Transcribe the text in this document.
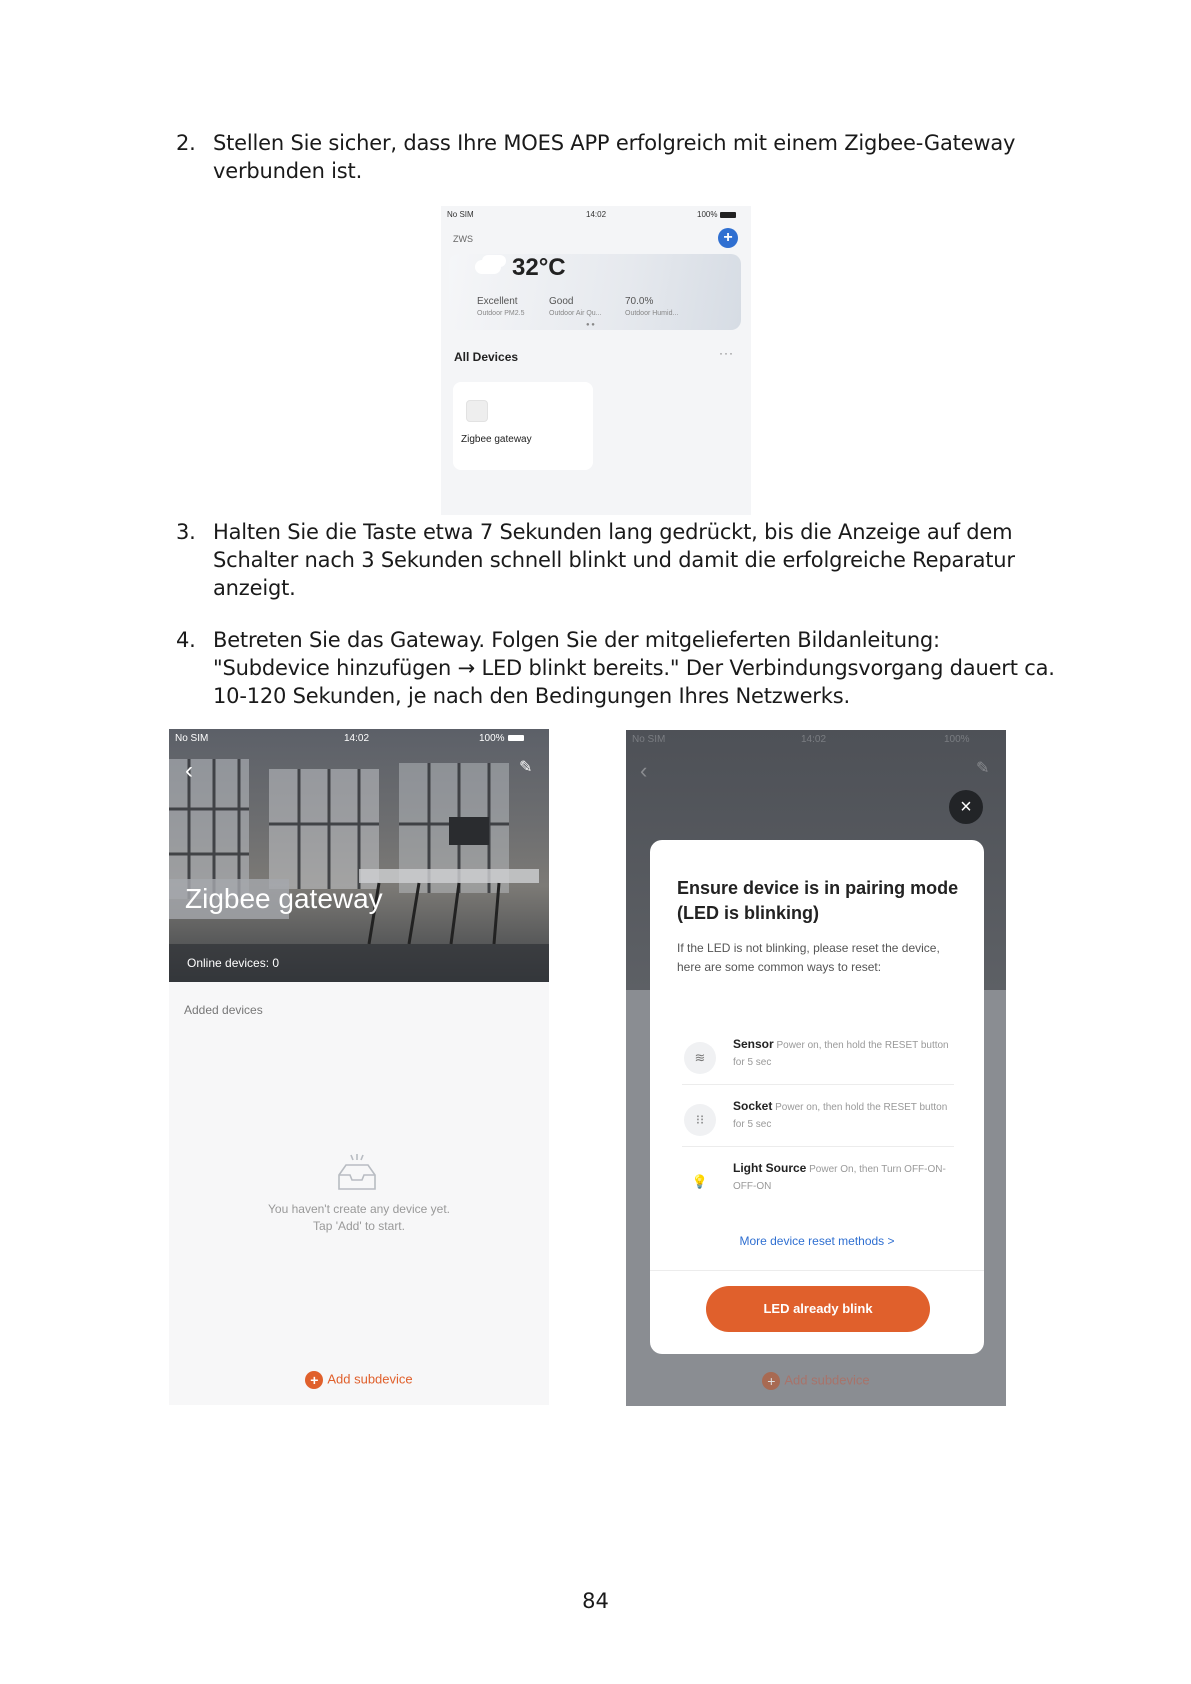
2. Stellen Sie sicher, dass Ihre MOES APP erfolgreich mit einem Zigbee-Gateway verbunden ist.
No SIM	14:02	100%
ZWS	+
32°C
Excellent
Outdoor PM2.5
Good
Outdoor Air Qu...
70.0%
Outdoor Humid...
● ●
All Devices	···
Zigbee gateway
3. Halten Sie die Taste etwa 7 Sekunden lang gedrückt, bis die Anzeige auf dem Schalter nach 3 Sekunden schnell blinkt und damit die erfolgreiche Reparatur anzeigt.
4. Betreten Sie das Gateway. Folgen Sie der mitgelieferten Bildanleitung: "Subdevice hinzufügen → LED blinkt bereits." Der Verbindungsvorgang dauert ca. 10-120 Sekunden, je nach den Bedingungen Ihres Netzwerks.
No SIM	14:02	100%
‹	✎
Zigbee gateway
Online devices: 0
Added devices
You haven't create any device yet.
Tap 'Add' to start.
+ Add subdevice
No SIM	14:02	100%
‹	✎
×
Ensure device is in pairing mode (LED is blinking)
If the LED is not blinking, please reset the device, here are some common ways to reset:
≋
Sensor Power on, then hold the RESET button for 5 sec
⁝⁝
Socket Power on, then hold the RESET button for 5 sec
💡
Light Source Power On, then Turn OFF-ON-OFF-ON
More device reset methods >
LED already blink
+ Add subdevice
84
